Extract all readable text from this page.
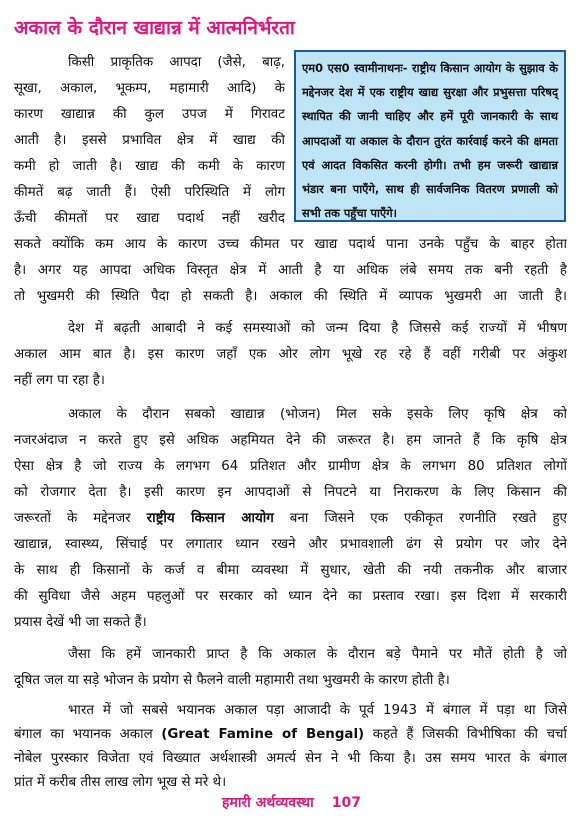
अकाल के दौरान खाद्यान्न में आत्मनिर्भरता
एम0 एस0 स्वामीनाथनः- राष्ट्रीय किसान आयोग के सुझाव के मद्देनजर देश में एक राष्ट्रीय खाद्य सुरक्षा और प्रभुसत्ता परिषद् स्थापित की जानी चाहिए और हमें पूरी जानकारी के साथ आपदाओं या अकाल के दौरान तुरंत कार्रवाई करने की क्षमता एवं आदत विकसित करनी होगी। तभी हम जरूरी खाद्यान्न भंडार बना पाएँगे, साथ ही सार्वजनिक वितरण प्रणाली को सभी तक पहुँचा पाएँगे।
किसी प्राकृतिक आपदा (जैसे, बाढ़,
सूखा, अकाल, भूकम्प, महामारी आदि) के
कारण खाद्यान्न की कुल उपज में गिरावट
आती है। इससे प्रभावित क्षेत्र में खाद्य की
कमी हो जाती है। खाद्य की कमी के कारण
कीमतें बढ़ जाती हैं। ऐसी परिस्थिति में लोग
ऊँची कीमतों पर खाद्य पदार्थ नहीं खरीद
सकते क्योंकि कम आय के कारण उच्च कीमत पर खाद्य पदार्थ पाना उनके पहुँच के बाहर होता
है। अगर यह आपदा अधिक विस्तृत क्षेत्र में आती है या अधिक लंबे समय तक बनी रहती है
तो भुखमरी की स्थिति पैदा हो सकती है। अकाल की स्थिति में व्यापक भुखमरी आ जाती है।
देश में बढ़ती आबादी ने कई समस्याओं को जन्म दिया है जिससे कई राज्यों में भीषण
अकाल आम बात है। इस कारण जहाँ एक ओर लोग भूखे रह रहे हैं वहीं गरीबी पर अंकुश
नहीं लग पा रहा है।
अकाल के दौरान सबको खाद्यान्न (भोजन) मिल सके इसके लिए कृषि क्षेत्र को
नजरअंदाज न करते हुए इसे अधिक अहमियत देने की जरूरत है। हम जानते हैं कि कृषि क्षेत्र
ऐसा क्षेत्र है जो राज्य के लगभग 64 प्रतिशत और ग्रामीण क्षेत्र के लगभग 80 प्रतिशत लोगों
को रोजगार देता है। इसी कारण इन आपदाओं से निपटने या निराकरण के लिए किसान की
जरूरतों के मद्देनजर राष्ट्रीय किसान आयोग बना जिसने एक एकीकृत रणनीति रखते हुए
खाद्यान्न, स्वास्थ्य, सिंचाई पर लगातार ध्यान रखने और प्रभावशाली ढंग से प्रयोग पर जोर देने
के साथ ही किसानों के कर्ज व बीमा व्यवस्था में सुधार, खेती की नयी तकनीक और बाजार
की सुविधा जैसे अहम पहलुओं पर सरकार को ध्यान देने का प्रस्ताव रखा। इस दिशा में सरकारी
प्रयास देखें भी जा सकते हैं।
जैसा कि हमें जानकारी प्राप्त है कि अकाल के दौरान बड़े पैमाने पर मौतें होती है जो
दूषित जल या सड़े भोजन के प्रयोग से फैलने वाली महामारी तथा भुखमरी के कारण होती है।
भारत में जो सबसे भयानक अकाल पड़ा आजादी के पूर्व 1943 में बंगाल में पड़ा था जिसे
बंगाल का भयानक अकाल (Great Famine of Bengal) कहते हैं जिसकी विभीषिका की चर्चा
नोबेल पुरस्कार विजेता एवं विख्यात अर्थशास्त्री अमर्त्य सेन ने भी किया है। उस समय भारत के बंगाल
प्रांत में करीब तीस लाख लोग भूख से मरे थे।
हमारी अर्थव्यवस्था 107
